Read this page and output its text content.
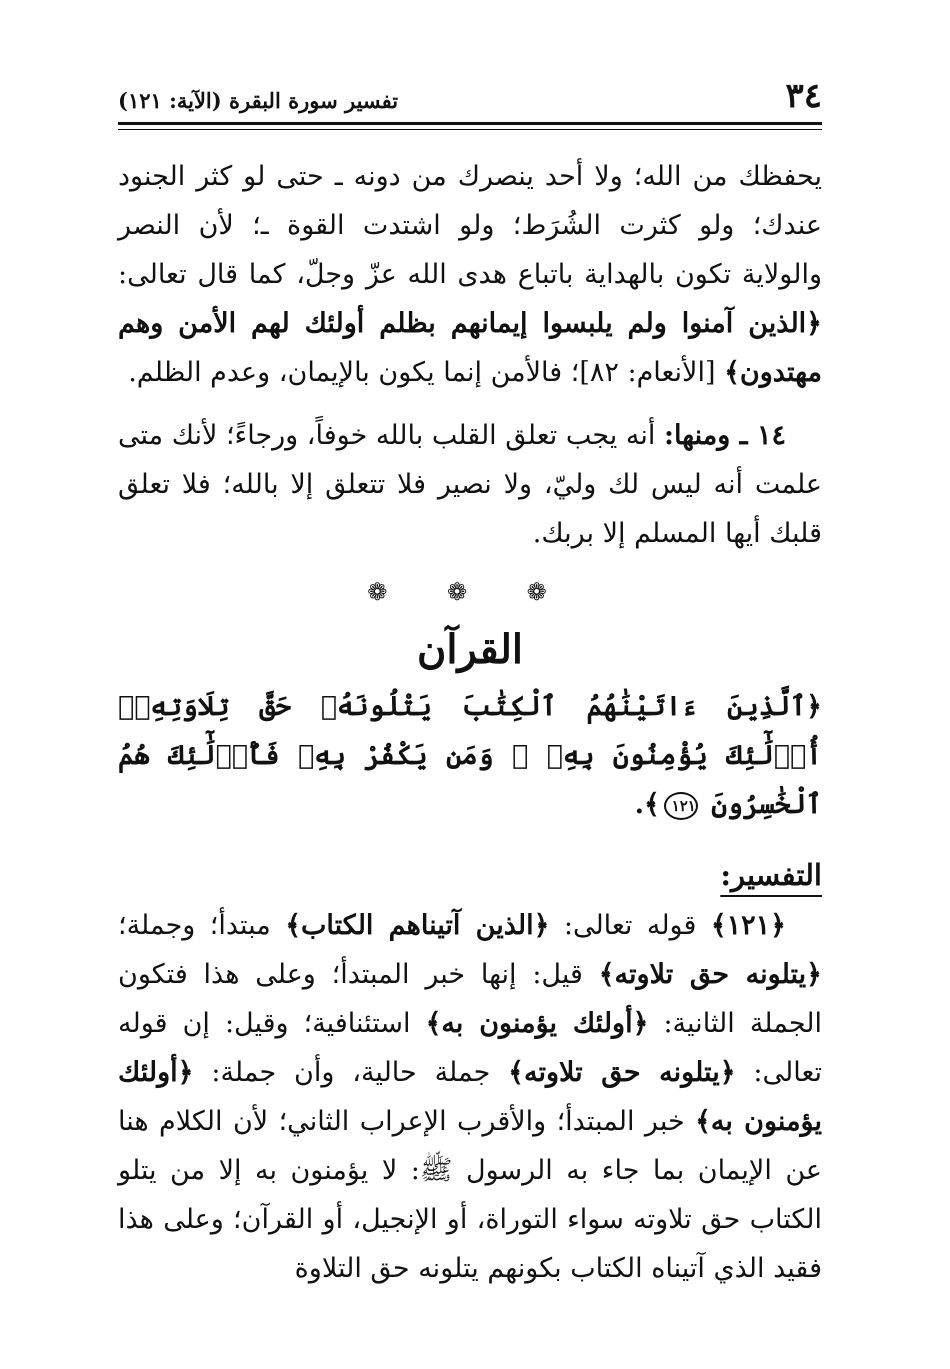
٣٤
تفسير سورة البقرة (الآية: ١٢١)

يحفظك من الله؛ ولا أحد ينصرك من دونه ـ حتى لو كثر الجنود عندك؛ ولو كثرت الشُرَط؛ ولو اشتدت القوة ـ؛ لأن النصر والولاية تكون بالهداية باتباع هدى الله عزّ وجلّ، كما قال تعالى: ﴿الذين آمنوا ولم يلبسوا إيمانهم بظلم أولئك لهم الأمن وهم مهتدون﴾ [الأنعام: ٨٢]؛ فالأمن إنما يكون بالإيمان، وعدم الظلم.

١٤ ـ ومنها: أنه يجب تعلق القلب بالله خوفاً، ورجاءً؛ لأنك متى علمت أنه ليس لك وليّ، ولا نصير فلا تتعلق إلا بالله؛ فلا تعلق قلبك أيها المسلم إلا بربك.

❁ ❁ ❁
القرآن

﴿ٱلَّذِينَ ءَاتَيْنَٰهُمُ ٱلْكِتَٰبَ يَتْلُونَهُۥ حَقَّ تِلَاوَتِهِۦٓ أُو۟لَٰٓئِكَ يُؤْمِنُونَ بِهِۦ ۗ وَمَن يَكْفُرْ بِهِۦ فَأُو۟لَٰٓئِكَ هُمُ ٱلْخَٰسِرُونَ ١٢١﴾.

التفسير:

﴿١٢١﴾ قوله تعالى: ﴿الذين آتيناهم الكتاب﴾ مبتدأ؛ وجملة؛ ﴿يتلونه حق تلاوته﴾ قيل: إنها خبر المبتدأ؛ وعلى هذا فتكون الجملة الثانية: ﴿أولئك يؤمنون به﴾ استئنافية؛ وقيل: إن قوله تعالى: ﴿يتلونه حق تلاوته﴾ جملة حالية، وأن جملة: ﴿أولئك يؤمنون به﴾ خبر المبتدأ؛ والأقرب الإعراب الثاني؛ لأن الكلام هنا عن الإيمان بما جاء به الرسول ﷺ: لا يؤمنون به إلا من يتلو الكتاب حق تلاوته سواء التوراة، أو الإنجيل، أو القرآن؛ وعلى هذا فقيد الذي آتيناه الكتاب بكونهم يتلونه حق التلاوة
